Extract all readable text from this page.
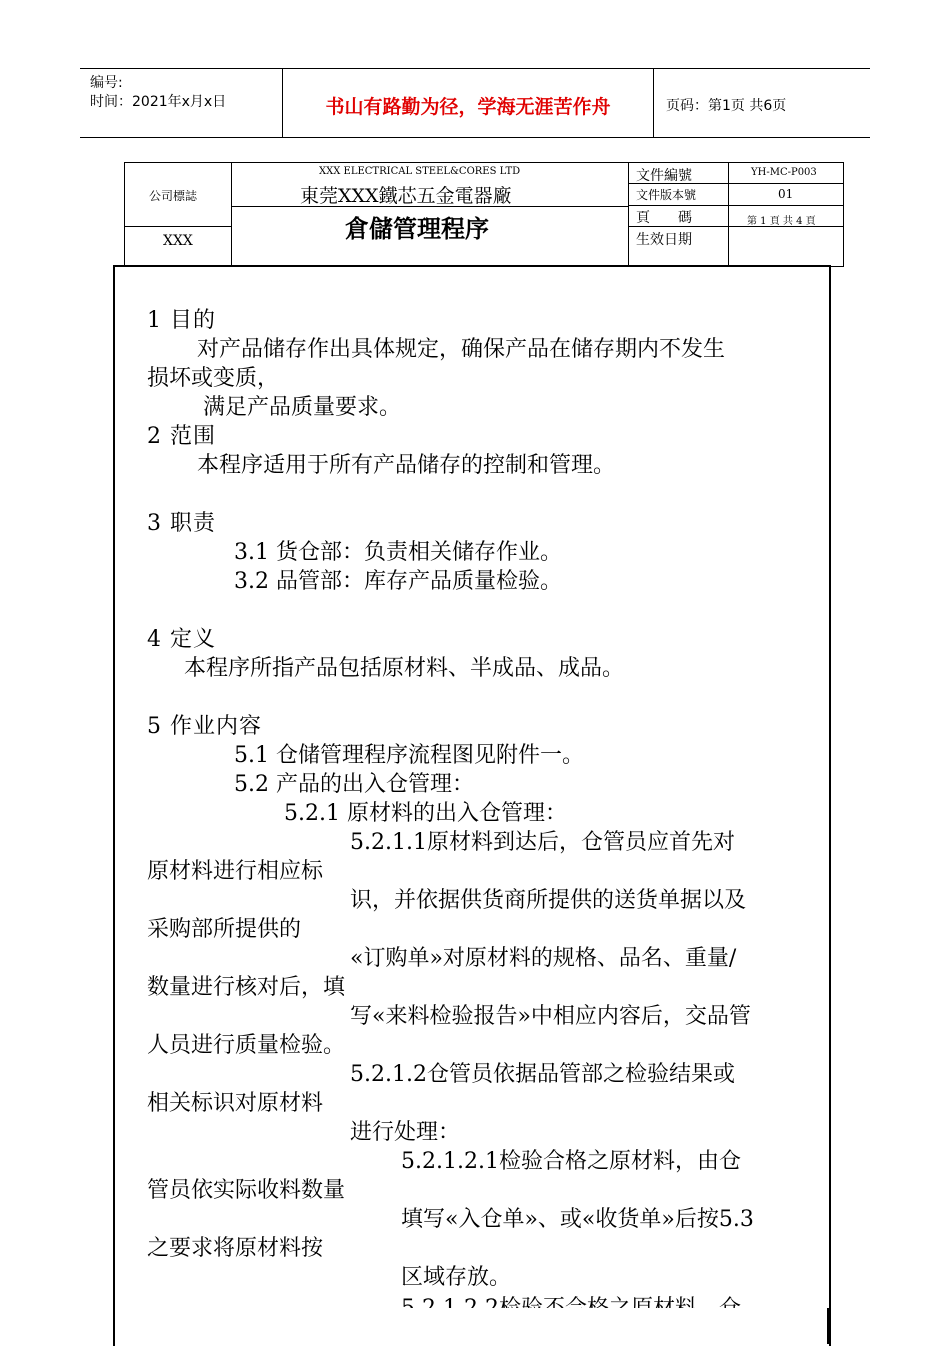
编号:
时间：2021年x月x日	书山有路勤为径，学海无涯苦作舟	页码：第1页 共6页
公司標誌
XXX
XXX ELECTRICAL STEEL&CORES LTD
東莞XXX鐵芯五金電器廠
倉儲管理程序
文件編號	YH-MC-P003
文件版本號	01
頁　　碼	第 1 頁 共 4 頁
生效日期
1 目的
对产品储存作出具体规定，确保产品在储存期内不发生
损坏或变质，
满足产品质量要求。
2 范围
本程序适用于所有产品储存的控制和管理。
3 职责
3.1 货仓部：负责相关储存作业。
3.2 品管部：库存产品质量检验。
4 定义
本程序所指产品包括原材料、半成品、成品。
5 作业内容
5.1 仓储管理程序流程图见附件一。
5.2 产品的出入仓管理：
5.2.1 原材料的出入仓管理：
5.2.1.1原材料到达后，仓管员应首先对
原材料进行相应标
识，并依据供货商所提供的送货单据以及
采购部所提供的
«订购单»对原材料的规格、品名、重量/
数量进行核对后，填
写«来料检验报告»中相应内容后，交品管
人员进行质量检验。
5.2.1.2仓管员依据品管部之检验结果或
相关标识对原材料
进行处理：
5.2.1.2.1检验合格之原材料，由仓
管员依实际收料数量
填写«入仓单»、或«收货单»后按5.3
之要求将原材料按
区域存放。
